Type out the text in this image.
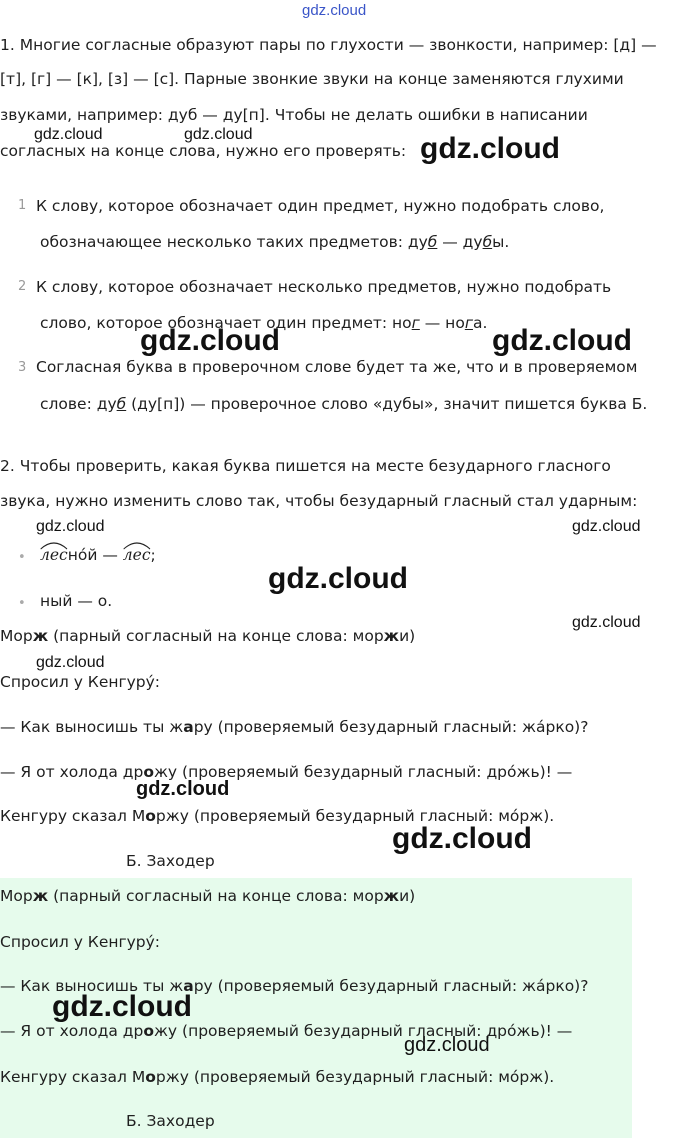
gdz.cloud
1. Многие согласные образуют пары по глухости — звонкости, например: [д] —
[т], [г] — [к], [з] — [с]. Парные звонкие звуки на конце заменяются глухими
звуками, например: дуб — ду[п]. Чтобы не делать ошибки в написании
согласных на конце слова, нужно его проверять:
gdz.cloud	gdz.cloud	gdz.cloud
1 К слову, которое обозначает один предмет, нужно подобрать слово,
обозначающее несколько таких предметов: дуб — дубы.
2 К слову, которое обозначает несколько предметов, нужно подобрать
слово, которое обозначает один предмет: ног — нога.
gdz.cloud	gdz.cloud
3 Согласная буква в проверочном слове будет та же, что и в проверяемом
слове: дуб (ду[п]) — проверочное слово «дубы», значит пишется буква Б.
2. Чтобы проверить, какая буква пишется на месте безударного гласного
звука, нужно изменить слово так, чтобы безударный гласный стал ударным:
gdz.cloud	gdz.cloud
• лесно́й — лес;
gdz.cloud
• ный — о.
Морж (парный согласный на конце слова: моржи)
gdz.cloud
gdz.cloud
Спросил у Кенгуру́:
— Как выносишь ты жару (проверяемый безударный гласный: жа́рко)?
— Я от холода дрожу (проверяемый безударный гласный: дро́жь)! —
gdz.cloud
Кенгуру сказал Моржу (проверяемый безударный гласный: мо́рж).
gdz.cloud
Б. Заходер
Морж (парный согласный на конце слова: моржи)
Спросил у Кенгуру́:
— Как выносишь ты жару (проверяемый безударный гласный: жа́рко)?
gdz.cloud
— Я от холода дрожу (проверяемый безударный гласный: дро́жь)! —
gdz.cloud
Кенгуру сказал Моржу (проверяемый безударный гласный: мо́рж).
Б. Заходер
